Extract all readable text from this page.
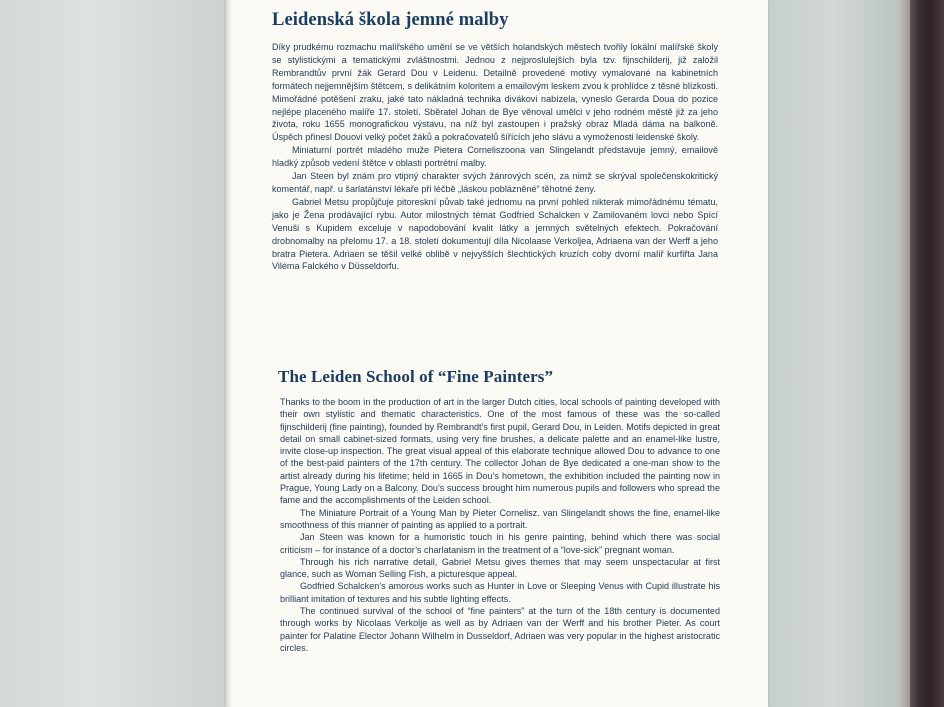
Leidenská škola jemné malby

Díky prudkému rozmachu malířského umění se ve větších holandských městech tvořily lokální malířské školy se stylistickými a tematickými zvláštnostmi. Jednou z nejproslulejších byla tzv. fijnschilderij, již založil Rembrandtův první žák Gerard Dou v Leidenu. Detailně provedené motivy vymalované na kabinetních formátech nejjemnějším štětcem, s delikátním koloritem a emailovým leskem zvou k prohlídce z těsné blízkosti. Mimořádné potěšení zraku, jaké tato nákladná technika divákovi nabízela, vyneslo Gerarda Doua do pozice nejlépe placeného malíře 17. století. Sběratel Johan de Bye věnoval umělci v jeho rodném městě již za jeho života, roku 1655 monografickou výstavu, na níž byl zastoupen i pražský obraz Mladá dáma na balkoně. Úspěch přinesl Douovi velký počet žáků a pokračovatelů šířících jeho slávu a vymoženosti leidenské školy.

Miniaturní portrét mladého muže Pietera Corneliszoona van Slingelandt představuje jemný, emailově hladký způsob vedení štětce v oblasti portrétní malby.

Jan Steen byl znám pro vtipný charakter svých žánrových scén, za nimž se skrýval společenskokritický komentář, např. u šarlatánství lékaře při léčbě „láskou poblázněné“ těhotné ženy.

Gabriel Metsu propůjčuje pitoreskní půvab také jednomu na první pohled nikterak mimořádnému tématu, jako je Žena prodávající rybu. Autor milostných témat Godfried Schalcken v Zamilovaném lovci nebo Spící Venuši s Kupidem exceluje v napodobování kvalit látky a jemných světelných efektech. Pokračování drobnomalby na přelomu 17. a 18. století dokumentují díla Nicolaase Verkoljea, Adriaena van der Werff a jeho bratra Pietera. Adriaen se těšil velké oblibě v nejvyšších šlechtických kruzích coby dvorní malíř kurfiřta Jana Viléma Falckého v Düsseldorfu.

The Leiden School of “Fine Painters”

Thanks to the boom in the production of art in the larger Dutch cities, local schools of painting developed with their own stylistic and thematic characteristics. One of the most famous of these was the so-called fijnschilderij (fine painting), founded by Rembrandt’s first pupil, Gerard Dou, in Leiden. Motifs depicted in great detail on small cabinet-sized formats, using very fine brushes, a delicate palette and an enamel-like lustre, invite close-up inspection. The great visual appeal of this elaborate technique allowed Dou to advance to one of the best-paid painters of the 17th century. The collector Johan de Bye dedicated a one-man show to the artist already during his lifetime; held in 1665 in Dou’s hometown, the exhibition included the painting now in Prague, Young Lady on a Balcony. Dou’s success brought him numerous pupils and followers who spread the fame and the accomplishments of the Leiden school.

The Miniature Portrait of a Young Man by Pieter Cornelisz. van Slingelandt shows the fine, enamel-like smoothness of this manner of painting as applied to a portrait.

Jan Steen was known for a humoristic touch in his genre painting, behind which there was social criticism – for instance of a doctor’s charlatanism in the treatment of a “love-sick” pregnant woman.

Through his rich narrative detail, Gabriel Metsu gives themes that may seem unspectacular at first glance, such as Woman Selling Fish, a picturesque appeal.

Godfried Schalcken’s amorous works such as Hunter in Love or Sleeping Venus with Cupid illustrate his brilliant imitation of textures and his subtle lighting effects.

The continued survival of the school of “fine painters” at the turn of the 18th century is documented through works by Nicolaas Verkolje as well as by Adriaen van der Werff and his brother Pieter. As court painter for Palatine Elector Johann Wilhelm in Dusseldorf, Adriaen was very popular in the highest aristocratic circles.
